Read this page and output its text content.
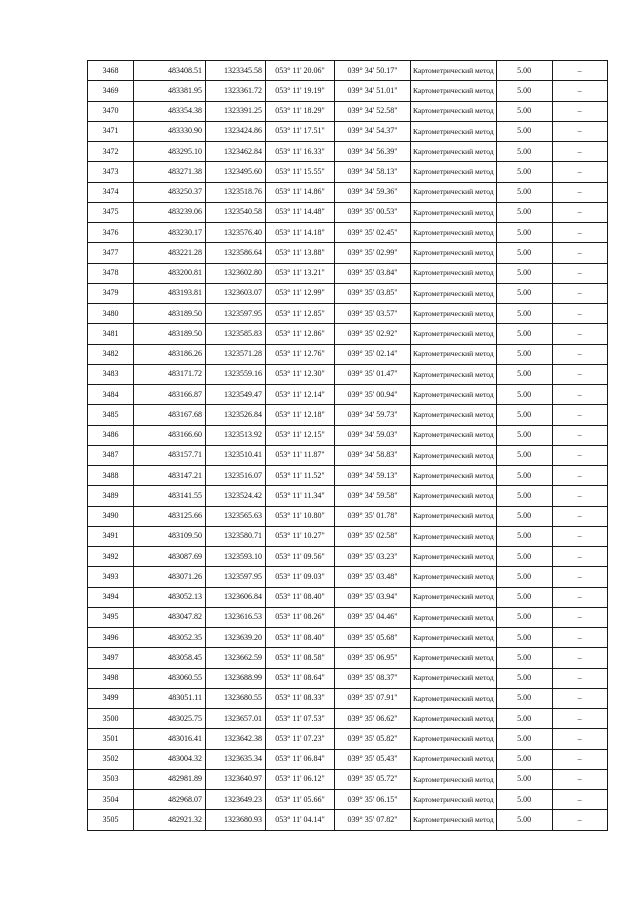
3468	483408.51	1323345.58	053° 11' 20.06"	039° 34' 50.17"	Картометрический метод	5.00	–
3469	483381.95	1323361.72	053° 11' 19.19"	039° 34' 51.01"	Картометрический метод	5.00	–
3470	483354.38	1323391.25	053° 11' 18.29"	039° 34' 52.58"	Картометрический метод	5.00	–
3471	483330.90	1323424.86	053° 11' 17.51"	039° 34' 54.37"	Картометрический метод	5.00	–
3472	483295.10	1323462.84	053° 11' 16.33"	039° 34' 56.39"	Картометрический метод	5.00	–
3473	483271.38	1323495.60	053° 11' 15.55"	039° 34' 58.13"	Картометрический метод	5.00	–
3474	483250.37	1323518.76	053° 11' 14.86"	039° 34' 59.36"	Картометрический метод	5.00	–
3475	483239.06	1323540.58	053° 11' 14.48"	039° 35' 00.53"	Картометрический метод	5.00	–
3476	483230.17	1323576.40	053° 11' 14.18"	039° 35' 02.45"	Картометрический метод	5.00	–
3477	483221.28	1323586.64	053° 11' 13.88"	039° 35' 02.99"	Картометрический метод	5.00	–
3478	483200.81	1323602.80	053° 11' 13.21"	039° 35' 03.84"	Картометрический метод	5.00	–
3479	483193.81	1323603.07	053° 11' 12.99"	039° 35' 03.85"	Картометрический метод	5.00	–
3480	483189.50	1323597.95	053° 11' 12.85"	039° 35' 03.57"	Картометрический метод	5.00	–
3481	483189.50	1323585.83	053° 11' 12.86"	039° 35' 02.92"	Картометрический метод	5.00	–
3482	483186.26	1323571.28	053° 11' 12.76"	039° 35' 02.14"	Картометрический метод	5.00	–
3483	483171.72	1323559.16	053° 11' 12.30"	039° 35' 01.47"	Картометрический метод	5.00	–
3484	483166.87	1323549.47	053° 11' 12.14"	039° 35' 00.94"	Картометрический метод	5.00	–
3485	483167.68	1323526.84	053° 11' 12.18"	039° 34' 59.73"	Картометрический метод	5.00	–
3486	483166.60	1323513.92	053° 11' 12.15"	039° 34' 59.03"	Картометрический метод	5.00	–
3487	483157.71	1323510.41	053° 11' 11.87"	039° 34' 58.83"	Картометрический метод	5.00	–
3488	483147.21	1323516.07	053° 11' 11.52"	039° 34' 59.13"	Картометрический метод	5.00	–
3489	483141.55	1323524.42	053° 11' 11.34"	039° 34' 59.58"	Картометрический метод	5.00	–
3490	483125.66	1323565.63	053° 11' 10.80"	039° 35' 01.78"	Картометрический метод	5.00	–
3491	483109.50	1323580.71	053° 11' 10.27"	039° 35' 02.58"	Картометрический метод	5.00	–
3492	483087.69	1323593.10	053° 11' 09.56"	039° 35' 03.23"	Картометрический метод	5.00	–
3493	483071.26	1323597.95	053° 11' 09.03"	039° 35' 03.48"	Картометрический метод	5.00	–
3494	483052.13	1323606.84	053° 11' 08.40"	039° 35' 03.94"	Картометрический метод	5.00	–
3495	483047.82	1323616.53	053° 11' 08.26"	039° 35' 04.46"	Картометрический метод	5.00	–
3496	483052.35	1323639.20	053° 11' 08.40"	039° 35' 05.68"	Картометрический метод	5.00	–
3497	483058.45	1323662.59	053° 11' 08.58"	039° 35' 06.95"	Картометрический метод	5.00	–
3498	483060.55	1323688.99	053° 11' 08.64"	039° 35' 08.37"	Картометрический метод	5.00	–
3499	483051.11	1323680.55	053° 11' 08.33"	039° 35' 07.91"	Картометрический метод	5.00	–
3500	483025.75	1323657.01	053° 11' 07.53"	039° 35' 06.62"	Картометрический метод	5.00	–
3501	483016.41	1323642.38	053° 11' 07.23"	039° 35' 05.82"	Картометрический метод	5.00	–
3502	483004.32	1323635.34	053° 11' 06.84"	039° 35' 05.43"	Картометрический метод	5.00	–
3503	482981.89	1323640.97	053° 11' 06.12"	039° 35' 05.72"	Картометрический метод	5.00	–
3504	482968.07	1323649.23	053° 11' 05.66"	039° 35' 06.15"	Картометрический метод	5.00	–
3505	482921.32	1323680.93	053° 11' 04.14"	039° 35' 07.82"	Картометрический метод	5.00	–
